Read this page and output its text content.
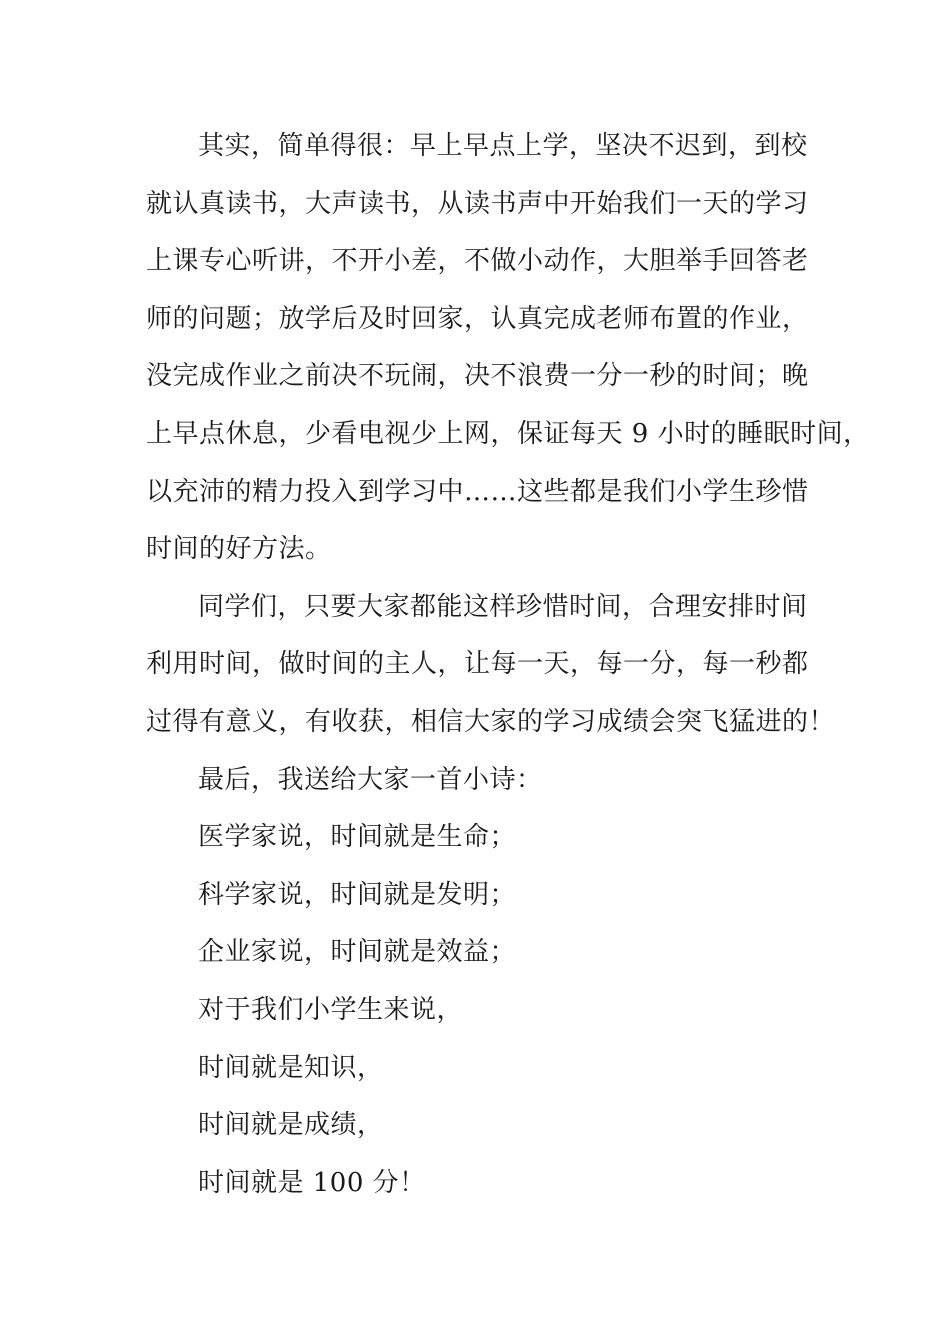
其实，简单得很：早上早点上学，坚决不迟到，到校
就认真读书，大声读书，从读书声中开始我们一天的学习
上课专心听讲，不开小差，不做小动作，大胆举手回答老
师的问题；放学后及时回家，认真完成老师布置的作业，
没完成作业之前决不玩闹，决不浪费一分一秒的时间；晚
上早点休息，少看电视少上网，保证每天 9 小时的睡眠时间，
以充沛的精力投入到学习中……这些都是我们小学生珍惜
时间的好方法。
同学们，只要大家都能这样珍惜时间，合理安排时间
利用时间，做时间的主人，让每一天，每一分，每一秒都
过得有意义，有收获，相信大家的学习成绩会突飞猛进的！
最后，我送给大家一首小诗：
医学家说，时间就是生命；
科学家说，时间就是发明；
企业家说，时间就是效益；
对于我们小学生来说，
时间就是知识，
时间就是成绩，
时间就是 100 分！
